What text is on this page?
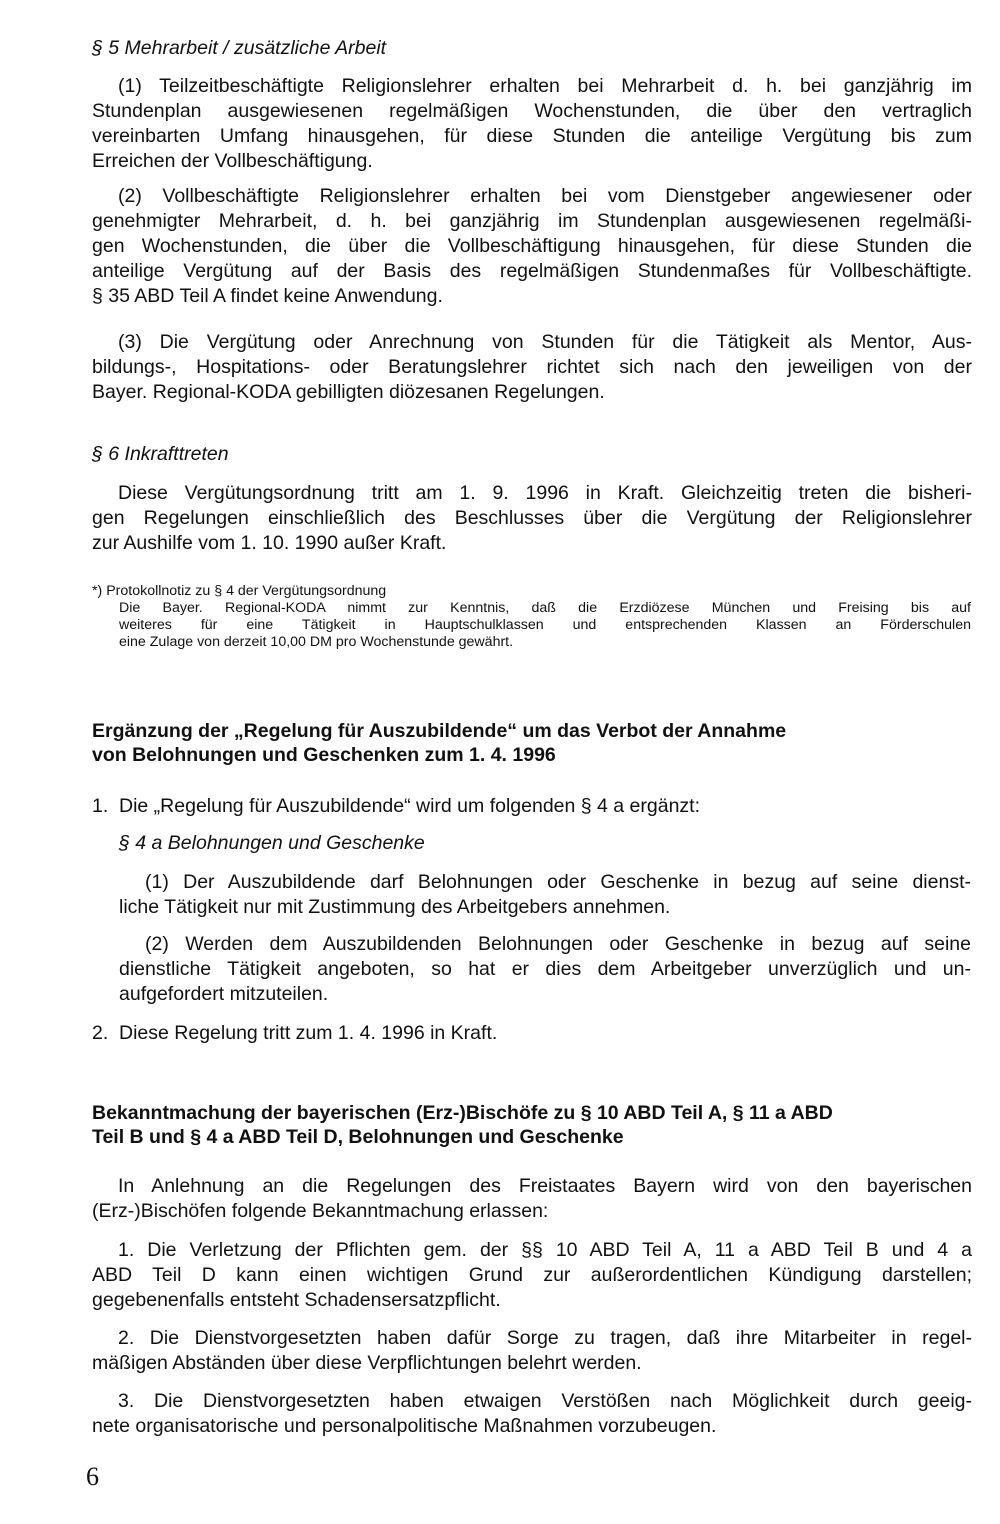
§ 5 Mehrarbeit / zusätzliche Arbeit
(1) Teilzeitbeschäftigte Religionslehrer erhalten bei Mehrarbeit d. h. bei ganzjährig im
Stundenplan ausgewiesenen regelmäßigen Wochenstunden, die über den vertraglich
vereinbarten Umfang hinausgehen, für diese Stunden die anteilige Vergütung bis zum
Erreichen der Vollbeschäftigung.
(2) Vollbeschäftigte Religionslehrer erhalten bei vom Dienstgeber angewiesener oder
genehmigter Mehrarbeit, d. h. bei ganzjährig im Stundenplan ausgewiesenen regelmäßi-
gen Wochenstunden, die über die Vollbeschäftigung hinausgehen, für diese Stunden die
anteilige Vergütung auf der Basis des regelmäßigen Stundenmaßes für Vollbeschäftigte.
§ 35 ABD Teil A findet keine Anwendung.
(3) Die Vergütung oder Anrechnung von Stunden für die Tätigkeit als Mentor, Aus-
bildungs-, Hospitations- oder Beratungslehrer richtet sich nach den jeweiligen von der
Bayer. Regional-KODA gebilligten diözesanen Regelungen.
§ 6 Inkrafttreten
Diese Vergütungsordnung tritt am 1. 9. 1996 in Kraft. Gleichzeitig treten die bisheri-
gen Regelungen einschließlich des Beschlusses über die Vergütung der Religionslehrer
zur Aushilfe vom 1. 10. 1990 außer Kraft.
*) Protokollnotiz zu § 4 der Vergütungsordnung
Die Bayer. Regional-KODA nimmt zur Kenntnis, daß die Erzdiözese München und Freising bis auf
weiteres für eine Tätigkeit in Hauptschulklassen und entsprechenden Klassen an Förderschulen
eine Zulage von derzeit 10,00 DM pro Wochenstunde gewährt.
Ergänzung der „Regelung für Auszubildende“ um das Verbot der Annahme
von Belohnungen und Geschenken zum 1. 4. 1996
1. Die „Regelung für Auszubildende“ wird um folgenden § 4 a ergänzt:
§ 4 a Belohnungen und Geschenke
(1) Der Auszubildende darf Belohnungen oder Geschenke in bezug auf seine dienst-
liche Tätigkeit nur mit Zustimmung des Arbeitgebers annehmen.
(2) Werden dem Auszubildenden Belohnungen oder Geschenke in bezug auf seine
dienstliche Tätigkeit angeboten, so hat er dies dem Arbeitgeber unverzüglich und un-
aufgefordert mitzuteilen.
2. Diese Regelung tritt zum 1. 4. 1996 in Kraft.
Bekanntmachung der bayerischen (Erz-)Bischöfe zu § 10 ABD Teil A, § 11 a ABD
Teil B und § 4 a ABD Teil D, Belohnungen und Geschenke
In Anlehnung an die Regelungen des Freistaates Bayern wird von den bayerischen
(Erz-)Bischöfen folgende Bekanntmachung erlassen:
1. Die Verletzung der Pflichten gem. der §§ 10 ABD Teil A, 11 a ABD Teil B und 4 a
ABD Teil D kann einen wichtigen Grund zur außerordentlichen Kündigung darstellen;
gegebenenfalls entsteht Schadensersatzpflicht.
2. Die Dienstvorgesetzten haben dafür Sorge zu tragen, daß ihre Mitarbeiter in regel-
mäßigen Abständen über diese Verpflichtungen belehrt werden.
3. Die Dienstvorgesetzten haben etwaigen Verstößen nach Möglichkeit durch geeig-
nete organisatorische und personalpolitische Maßnahmen vorzubeugen.
6
